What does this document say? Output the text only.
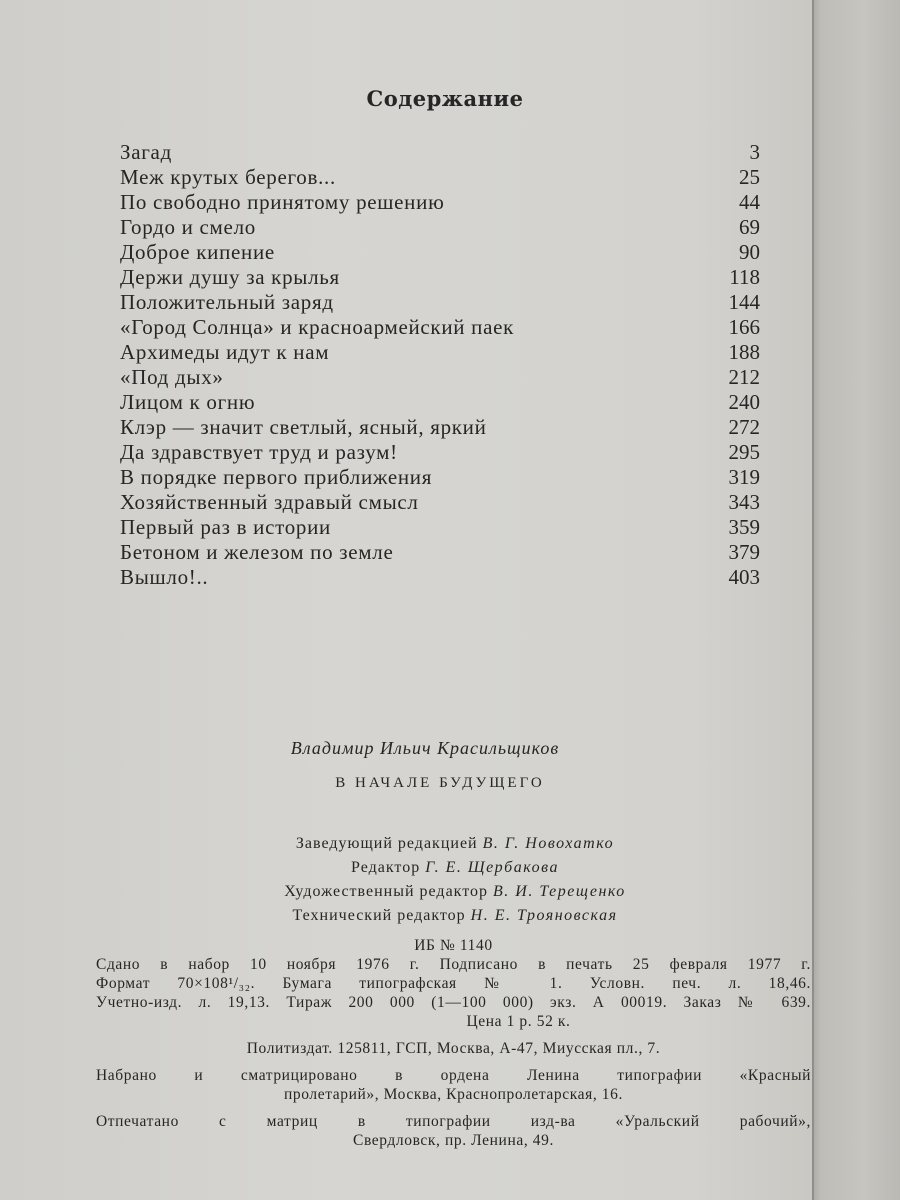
Содержание
Загад	3
Меж крутых берегов...	25
По свободно принятому решению	44
Гордо и смело	69
Доброе кипение	90
Держи душу за крылья	118
Положительный заряд	144
«Город Солнца» и красноармейский паек	166
Архимеды идут к нам	188
«Под дых»	212
Лицом к огню	240
Клэр — значит светлый, ясный, яркий	272
Да здравствует труд и разум!	295
В порядке первого приближения	319
Хозяйственный здравый смысл	343
Первый раз в истории	359
Бетоном и железом по земле	379
Вышло!..	403
Владимир Ильич Красильщиков
В НАЧАЛЕ БУДУЩЕГО
Заведующий редакцией В. Г. Новохатко
Редактор Г. Е. Щербакова
Художественный редактор В. И. Терещенко
Технический редактор Н. Е. Трояновская
ИБ № 1140
Сдано в набор 10 ноября 1976 г. Подписано в печать 25 февраля 1977 г.
Формат 70×108¹/₃₂. Бумага типографская № 1. Условн. печ. л. 18,46.
Учетно-изд. л. 19,13. Тираж 200 000 (1—100 000) экз. А 00019. Заказ № 639.
Цена 1 р. 52 к.
Политиздат. 125811, ГСП, Москва, А-47, Миусская пл., 7.
Набрано и сматрицировано в ордена Ленина типографии «Красный
пролетарий», Москва, Краснопролетарская, 16.
Отпечатано с матриц в типографии изд-ва «Уральский рабочий»,
Свердловск, пр. Ленина, 49.
